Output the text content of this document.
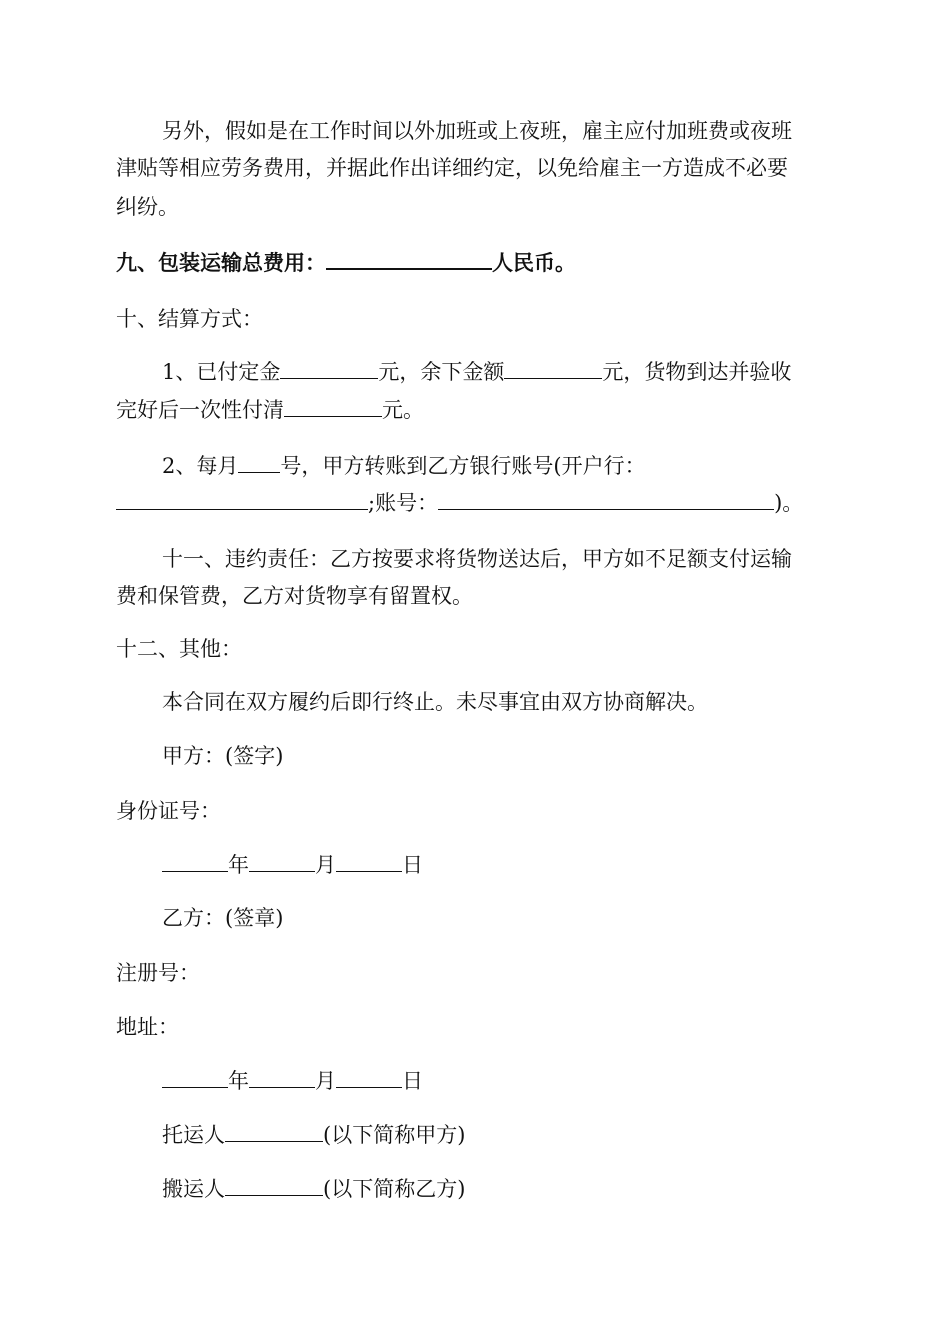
另外，假如是在工作时间以外加班或上夜班，雇主应付加班费或夜班
津贴等相应劳务费用，并据此作出详细约定，以免给雇主一方造成不必要
纠纷。
九、包装运输总费用：	人民币。
十、结算方式：
1、已付定金	元，余下金额	元，货物到达并验收
完好后一次性付清	元。
2、每月 号，甲方转账到乙方银行账号(开户行：
;账号：	)。
十一、违约责任：乙方按要求将货物送达后，甲方如不足额支付运输
费和保管费，乙方对货物享有留置权。
十二、其他：
本合同在双方履约后即行终止。未尽事宜由双方协商解决。
甲方：(签字)
身份证号：
年	月	日
乙方：(签章)
注册号：
地址：
年	月	日
托运人	(以下简称甲方)
搬运人	(以下简称乙方)
